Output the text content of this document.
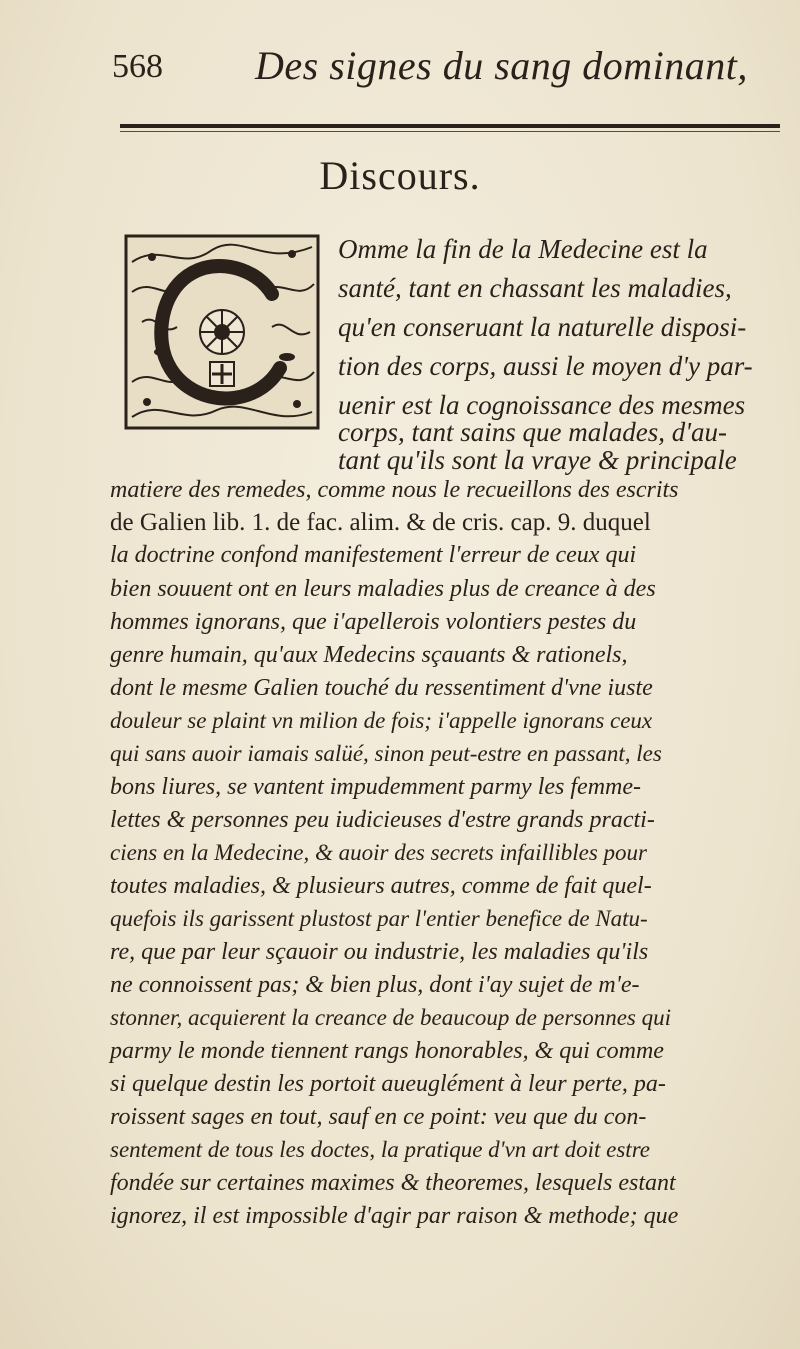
568 Des signes du sang dominant,
Discours.
Omme la fin de la Medecine est la
santé, tant en chassant les maladies,
qu'en conseruant la naturelle disposi-
tion des corps, aussi le moyen d'y par-
uenir est la cognoissance des mesmes
corps, tant sains que malades, d'au-
tant qu'ils sont la vraye & principale
matiere des remedes, comme nous le recueillons des escrits
de Galien lib. 1. de fac. alim. & de cris. cap. 9. duquel
la doctrine confond manifestement l'erreur de ceux qui
bien souuent ont en leurs maladies plus de creance à des
hommes ignorans, que i'apellerois volontiers pestes du
genre humain, qu'aux Medecins sçauants & rationels,
dont le mesme Galien touché du ressentiment d'vne iuste
douleur se plaint vn milion de fois; i'appelle ignorans ceux
qui sans auoir iamais salüé, sinon peut-estre en passant, les
bons liures, se vantent impudemment parmy les femme-
lettes & personnes peu iudicieuses d'estre grands practi-
ciens en la Medecine, & auoir des secrets infaillibles pour
toutes maladies, & plusieurs autres, comme de fait quel-
quefois ils garissent plustost par l'entier benefice de Natu-
re, que par leur sçauoir ou industrie, les maladies qu'ils
ne connoissent pas; & bien plus, dont i'ay sujet de m'e-
stonner, acquierent la creance de beaucoup de personnes qui
parmy le monde tiennent rangs honorables, & qui comme
si quelque destin les portoit aueuglément à leur perte, pa-
roissent sages en tout, sauf en ce point: veu que du con-
sentement de tous les doctes, la pratique d'vn art doit estre
fondée sur certaines maximes & theoremes, lesquels estant
ignorez, il est impossible d'agir par raison & methode; que
